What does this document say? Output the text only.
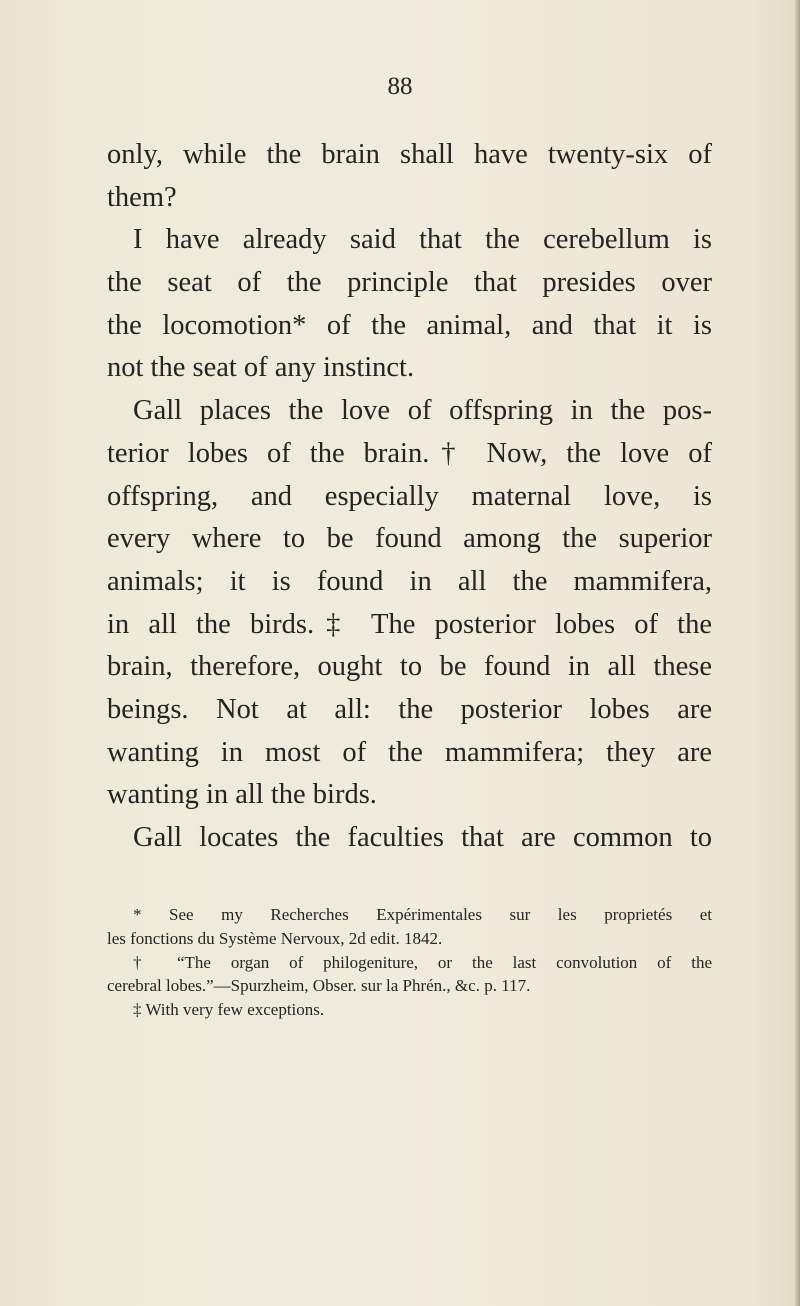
88
only, while the brain shall have twenty-six of
them?
I have already said that the cerebellum is
the seat of the principle that presides over
the locomotion* of the animal, and that it is
not the seat of any instinct.
Gall places the love of offspring in the pos-
terior lobes of the brain.† Now, the love of
offspring, and especially maternal love, is
every where to be found among the superior
animals; it is found in all the mammifera,
in all the birds.‡ The posterior lobes of the
brain, therefore, ought to be found in all these
beings. Not at all: the posterior lobes are
wanting in most of the mammifera; they are
wanting in all the birds.
Gall locates the faculties that are common to
* See my Recherches Expérimentales sur les proprietés et
les fonctions du Système Nervoux, 2d edit. 1842.
† “The organ of philogeniture, or the last convolution of the
cerebral lobes.”—Spurzheim, Obser. sur la Phrén., &c. p. 117.
‡ With very few exceptions.
